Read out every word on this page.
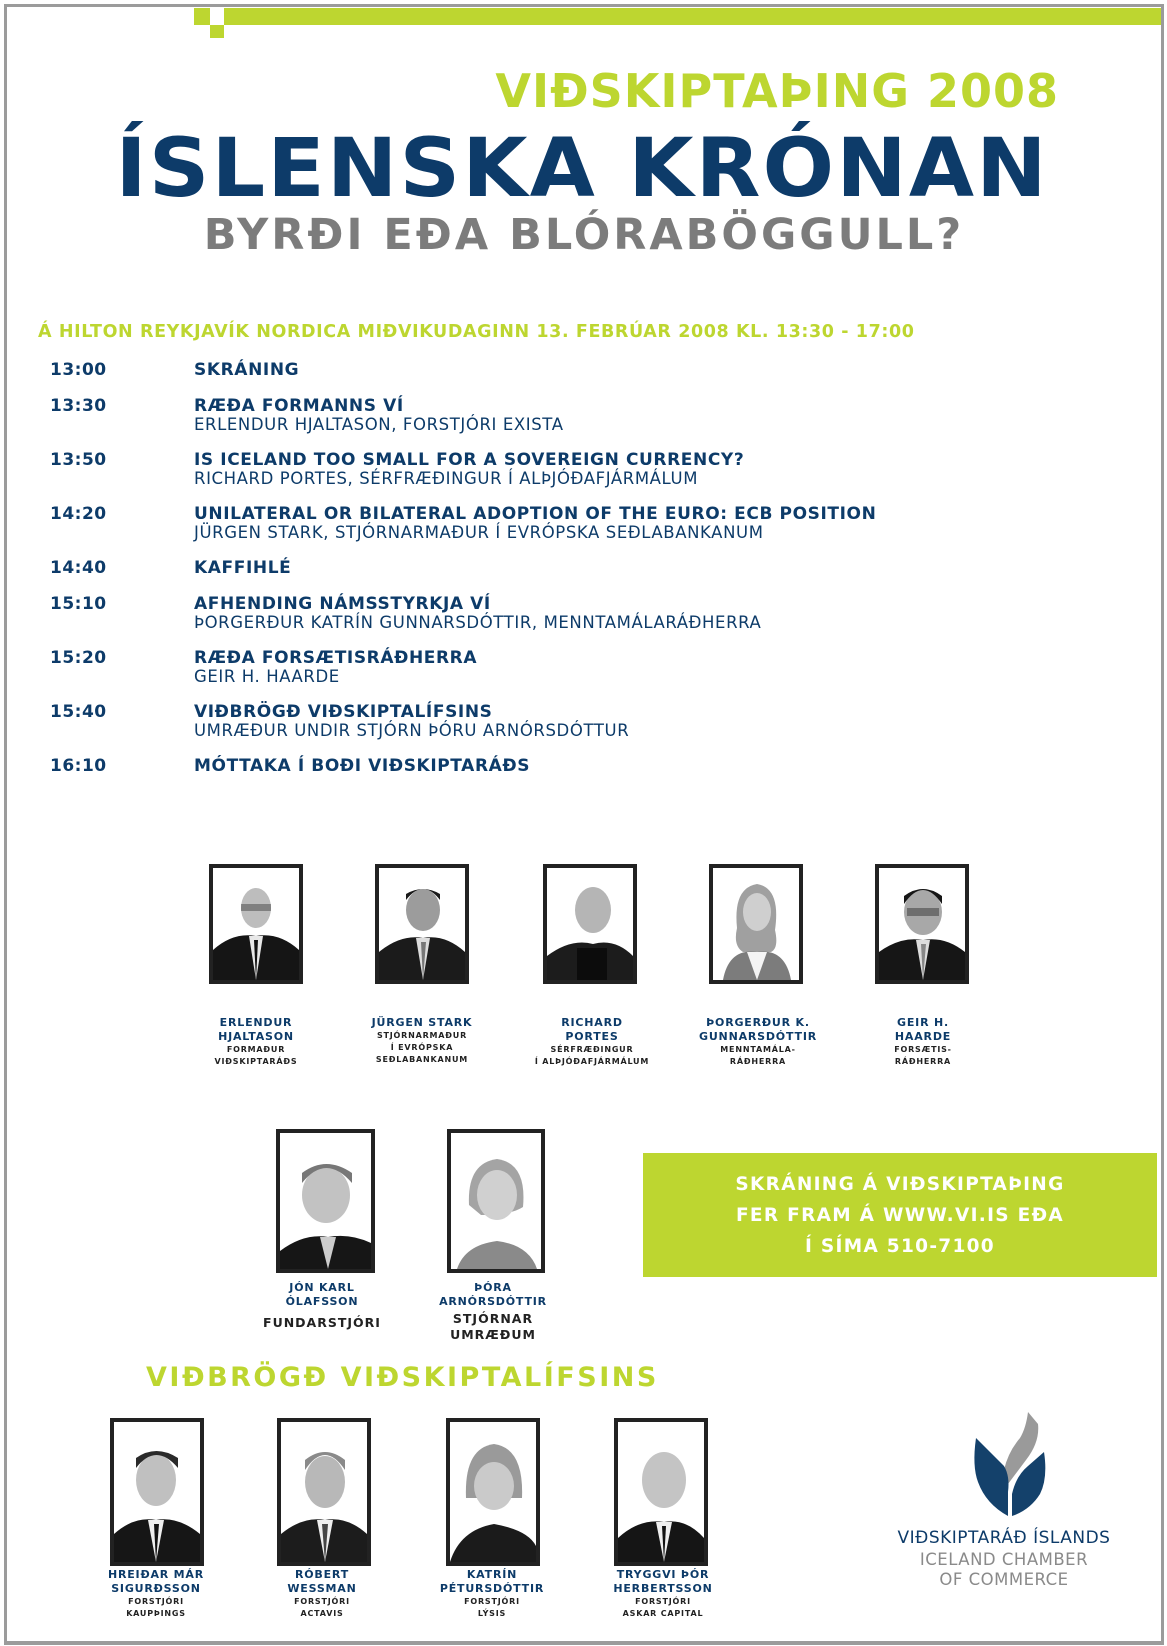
VIÐSKIPTAÞING 2008
ÍSLENSKA KRÓNAN
BYRÐI EÐA BLÓRABÖGGULL?
Á HILTON REYKJAVÍK NORDICA MIÐVIKUDAGINN 13. FEBRÚAR 2008 KL. 13:30 - 17:00
13:00	SKRÁNING
13:30	RÆÐA FORMANNS VÍ
ERLENDUR HJALTASON, FORSTJÓRI EXISTA
13:50	IS ICELAND TOO SMALL FOR A SOVEREIGN CURRENCY?
RICHARD PORTES, SÉRFRÆÐINGUR Í ALÞJÓÐAFJÁRMÁLUM
14:20	UNILATERAL OR BILATERAL ADOPTION OF THE EURO: ECB POSITION
JÜRGEN STARK, STJÓRNARMAÐUR Í EVRÓPSKA SEÐLABANKANUM
14:40	KAFFIHLÉ
15:10	AFHENDING NÁMSSTYRKJA VÍ
ÞORGERÐUR KATRÍN GUNNARSDÓTTIR, MENNTAMÁLARÁÐHERRA
15:20	RÆÐA FORSÆTISRÁÐHERRA
GEIR H. HAARDE
15:40	VIÐBRÖGÐ VIÐSKIPTALÍFSINS
UMRÆÐUR UNDIR STJÓRN ÞÓRU ARNÓRSDÓTTUR
16:10	MÓTTAKA Í BOÐI VIÐSKIPTARÁÐS
ERLENDUR
HJALTASON
FORMAÐUR
VIÐSKIPTARÁÐS
JÜRGEN STARK
STJÓRNARMAÐUR
Í EVRÓPSKA
SEÐLABANKANUM
RICHARD
PORTES
SÉRFRÆÐINGUR
Í ALÞJÓÐAFJÁRMÁLUM
ÞORGERÐUR K.
GUNNARSDÓTTIR
MENNTAMÁLA-
RÁÐHERRA
GEIR H.
HAARDE
FORSÆTIS-
RÁÐHERRA
JÓN KARL
ÓLAFSSON
FUNDARSTJÓRI
ÞÓRA
ARNÓRSDÓTTIR
STJÓRNAR
UMRÆÐUM
SKRÁNING Á VIÐSKIPTAÞING
FER FRAM Á WWW.VI.IS EÐA
Í SÍMA 510-7100
VIÐBRÖGÐ VIÐSKIPTALÍFSINS
HREIÐAR MÁR
SIGURÐSSON
FORSTJÓRI
KAUPÞINGS
RÓBERT
WESSMAN
FORSTJÓRI
ACTAVIS
KATRÍN
PÉTURSDÓTTIR
FORSTJÓRI
LÝSIS
TRYGGVI ÞÓR
HERBERTSSON
FORSTJÓRI
ASKAR CAPITAL
VIÐSKIPTARÁÐ ÍSLANDS
ICELAND CHAMBER
OF COMMERCE
